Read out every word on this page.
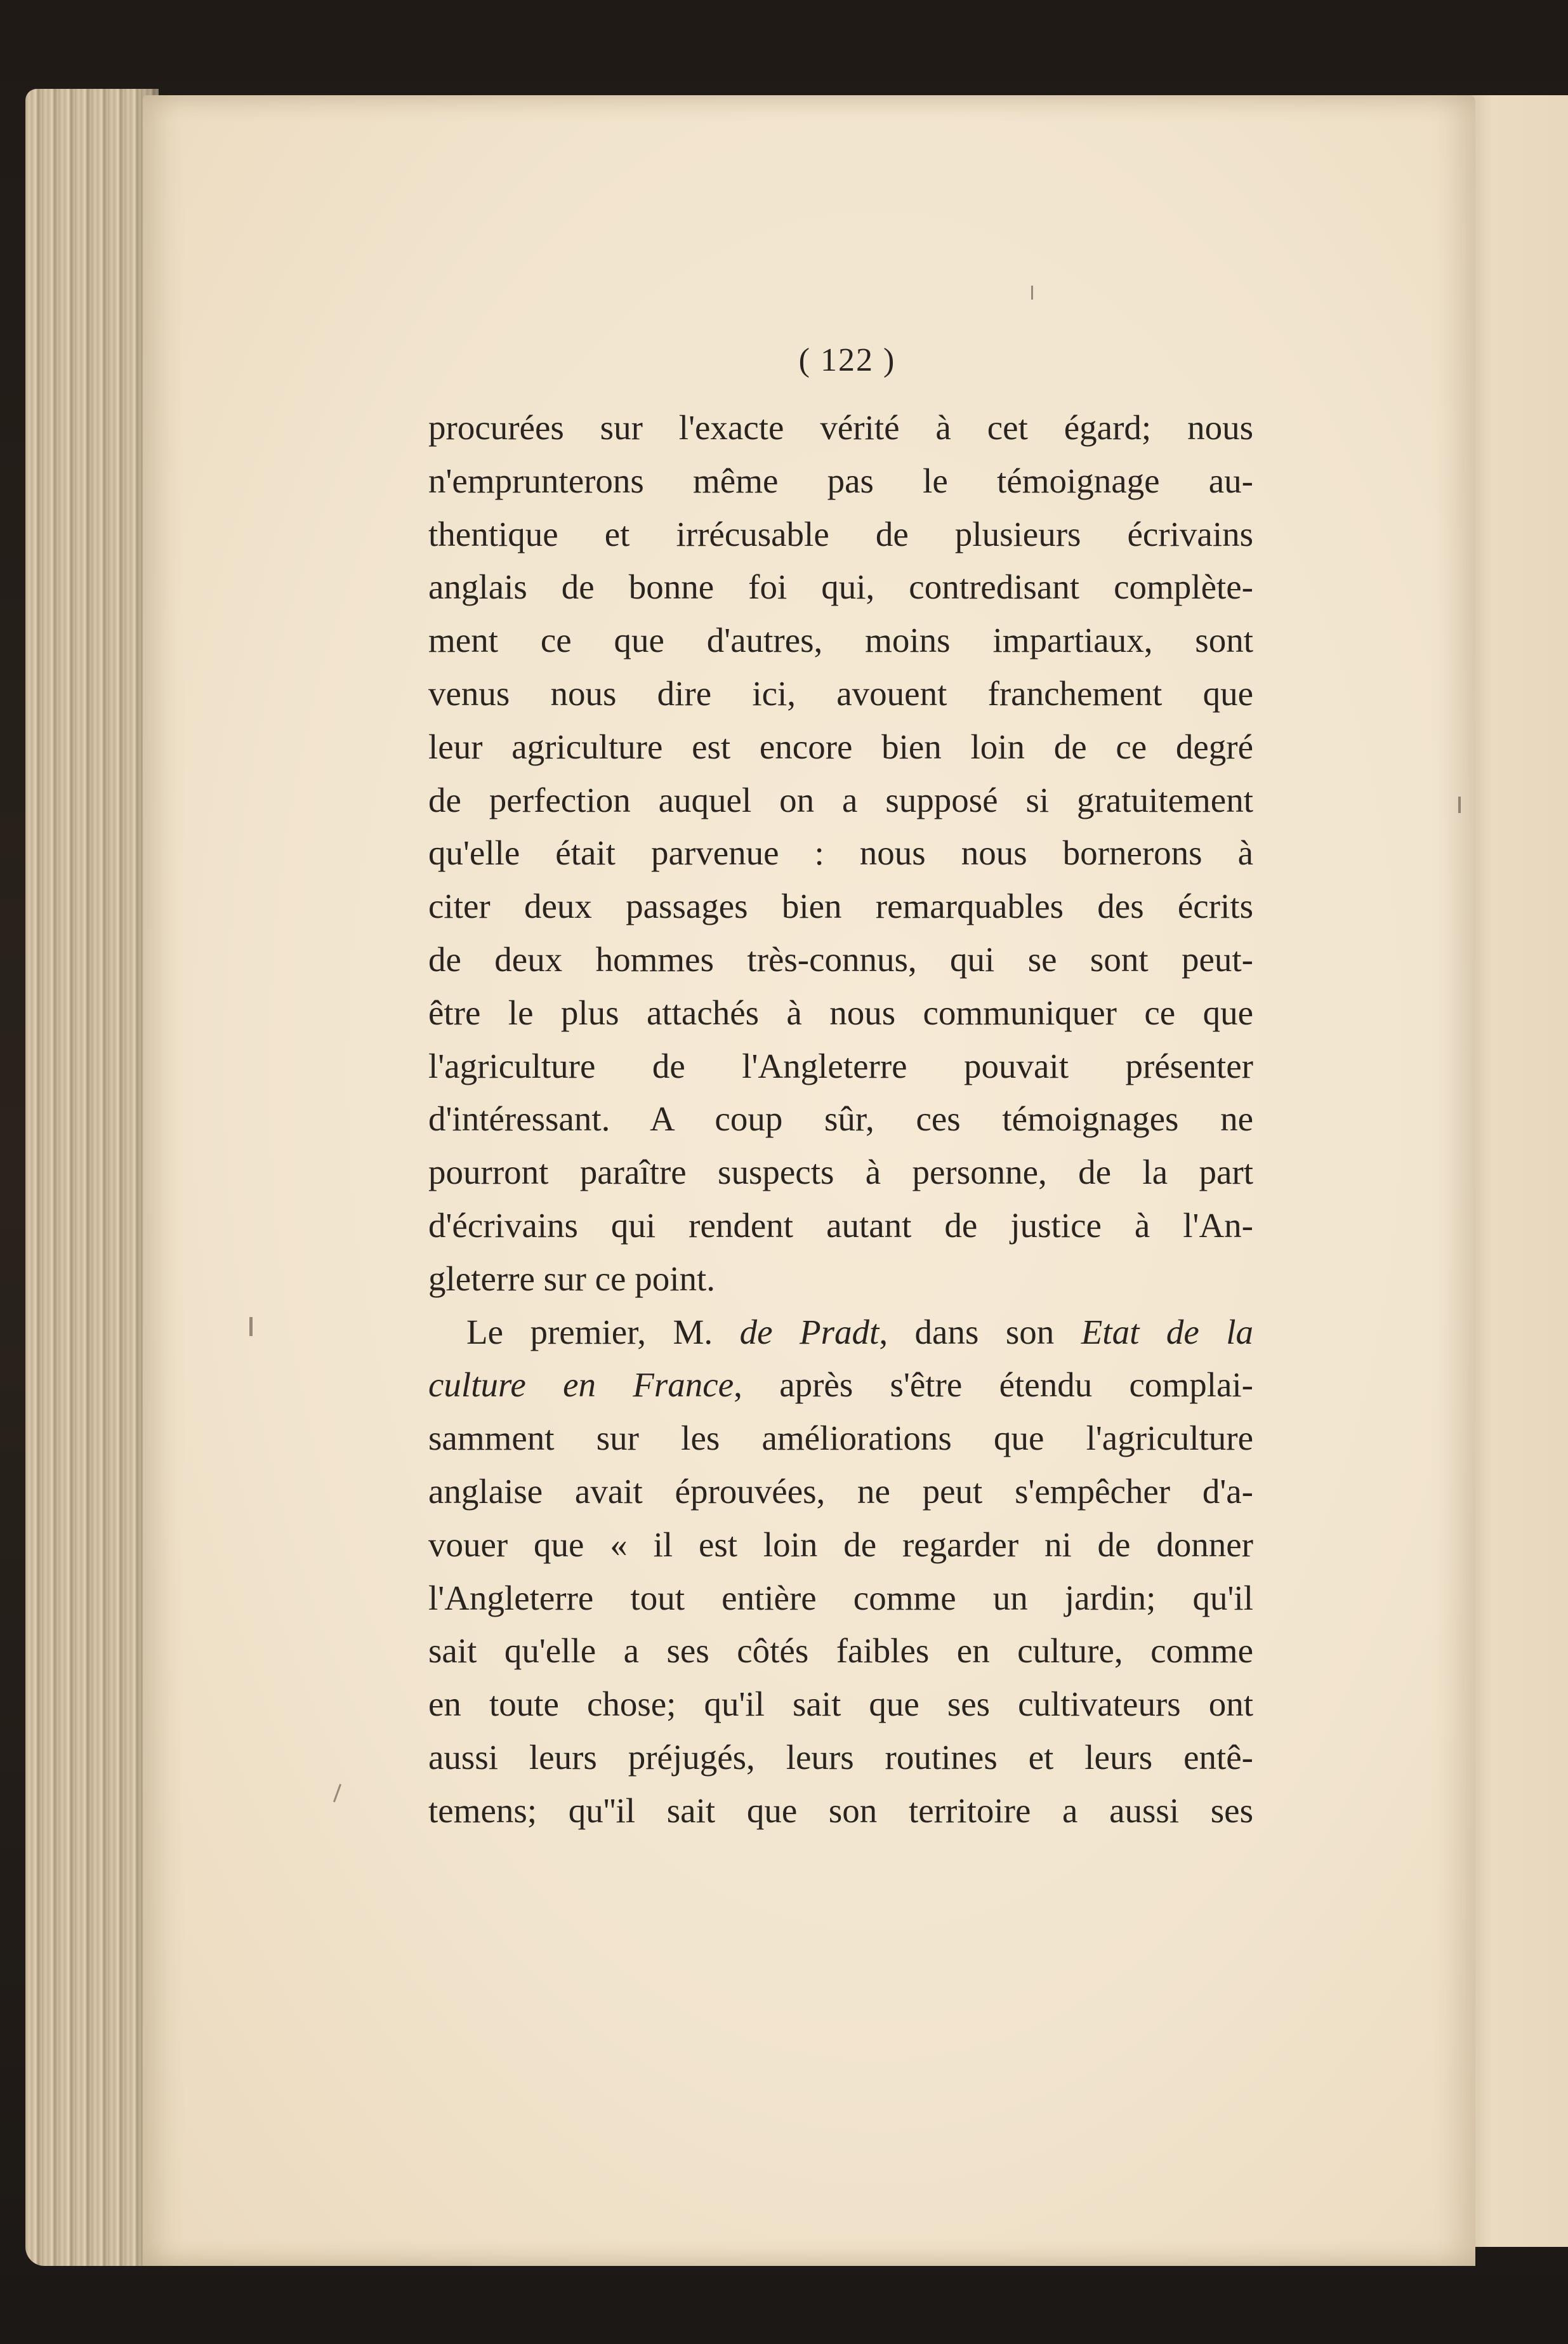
( 122 )
procurées sur l'exacte vérité à cet égard; nous
n'emprunterons même pas le témoignage au-
thentique et irrécusable de plusieurs écrivains
anglais de bonne foi qui, contredisant complète-
ment ce que d'autres, moins impartiaux, sont
venus nous dire ici, avouent franchement que
leur agriculture est encore bien loin de ce degré
de perfection auquel on a supposé si gratuitement
qu'elle était parvenue : nous nous bornerons à
citer deux passages bien remarquables des écrits
de deux hommes très-connus, qui se sont peut-
être le plus attachés à nous communiquer ce que
l'agriculture de l'Angleterre pouvait présenter
d'intéressant. A coup sûr, ces témoignages ne
pourront paraître suspects à personne, de la part
d'écrivains qui rendent autant de justice à l'An-
gleterre sur ce point.
Le premier, M. de Pradt, dans son Etat de la
culture en France, après s'être étendu complai-
samment sur les améliorations que l'agriculture
anglaise avait éprouvées, ne peut s'empêcher d'a-
vouer que « il est loin de regarder ni de donner
l'Angleterre tout entière comme un jardin; qu'il
sait qu'elle a ses côtés faibles en culture, comme
en toute chose; qu'il sait que ses cultivateurs ont
aussi leurs préjugés, leurs routines et leurs entê-
temens; qu''il sait que son territoire a aussi ses
